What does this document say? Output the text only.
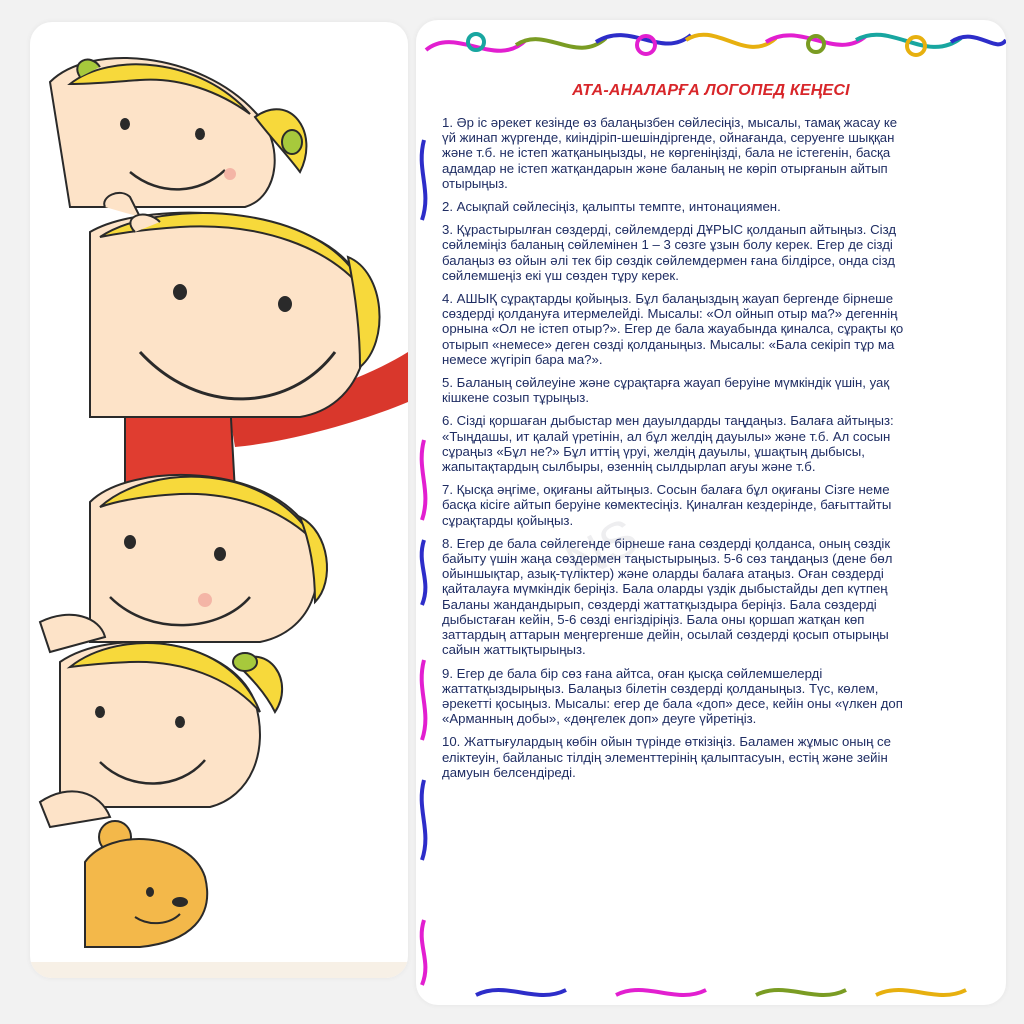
АТА-АНАЛАРҒА ЛОГОПЕД КЕҢЕСІ
NS

1. Әр іс әрекет кезінде өз балаңызбен сөйлесіңіз, мысалы, тамақ жасау ке
үй жинап жүргенде, киіндіріп-шешіндіргенде, ойнағанда, серуенге шыққан
және т.б. не істеп жатқаныңызды, не көргеніңізді, бала не істегенін, басқа
адамдар не істеп жатқандарын және баланың не көріп отырғанын айтып
отырыңыз.

2. Асықпай сөйлесіңіз, қалыпты темпте, интонациямен.

3. Құрастырылған сөздерді, сөйлемдерді ДҰРЫС қолданып айтыңыз. Сізд
сөйлеміңіз баланың сөйлемінен 1 – 3 сөзге ұзын болу керек. Егер де сізді
балаңыз өз ойын әлі тек бір сөздік сөйлемдермен ғана білдірсе, онда сізд
сөйлемшеңіз екі үш сөзден тұру керек.

4. АШЫҚ сұрақтарды қойыңыз. Бұл балаңыздың жауап бергенде бірнеше
сөздерді қолдануға итермелейді. Мысалы: «Ол ойнып отыр ма?» дегеннің
орнына «Ол не істеп отыр?». Егер де бала жауабында қиналса, сұрақты қо
отырып «немесе» деген сөзді қолданыңыз. Мысалы: «Бала секіріп тұр ма
немесе жүгіріп бара ма?».

5. Баланың сөйлеуіне және сұрақтарға жауап беруіне мүмкіндік үшін, уақ
кішкене созып тұрыңыз.

6. Сізді қоршаған дыбыстар мен дауылдарды таңдаңыз. Балаға айтыңыз:
«Тыңдашы, ит қалай үретінін, ал бұл желдің дауылы» және т.б. Ал сосын
сұраңыз «Бұл не?» Бұл иттің үруі, желдің дауылы, ұшақтың дыбысы,
жапытақтардың сылбыры, өзеннің сылдырлап ағуы және т.б.

7. Қысқа әңгіме, оқиғаны айтыңыз. Сосын балаға бұл оқиғаны Сізге неме
басқа кісіге айтып беруіне көмектесіңіз. Қиналған кездерінде, бағыттайты
сұрақтарды қойыңыз.

8. Егер де бала сөйлегенде бірнеше ғана сөздерді қолданса, оның сөздік
байыту үшін жаңа сөздермен таңыстырыңыз. 5-6 сөз таңдаңыз (дене бөл
ойыншықтар, азық-түліктер) және оларды балаға атаңыз. Оған сөздерді
қайталауға мүмкіндік беріңіз. Бала оларды үздік дыбыстайды деп күтпең
Баланы жандандырып, сөздерді жаттатқыздыра беріңіз. Бала сөздерді
дыбыстаған кейін, 5-6 сөзді енгіздіріңіз. Бала оны қоршап жатқан көп
заттардың аттарын меңгергенше дейін, осылай сөздерді қосып отырыңы
сайын жаттықтырыңыз.

9. Егер де бала бір сөз ғана айтса, оған қысқа сөйлемшелерді
жаттатқыздырыңыз. Балаңыз білетін сөздерді қолданыңыз. Түс, көлем,
әрекетті қосыңыз. Мысалы: егер де бала «доп» десе, кейін оны «үлкен доп
«Арманның добы», «дөңгелек доп» деуге үйретіңіз.

10. Жаттығулардың көбін ойын түрінде өткізіңіз. Баламен жұмыс оның се
еліктеуін, байланыс тілдің элементтерінің қалыптасуын, естің және зейін
дамуын белсендіреді.
